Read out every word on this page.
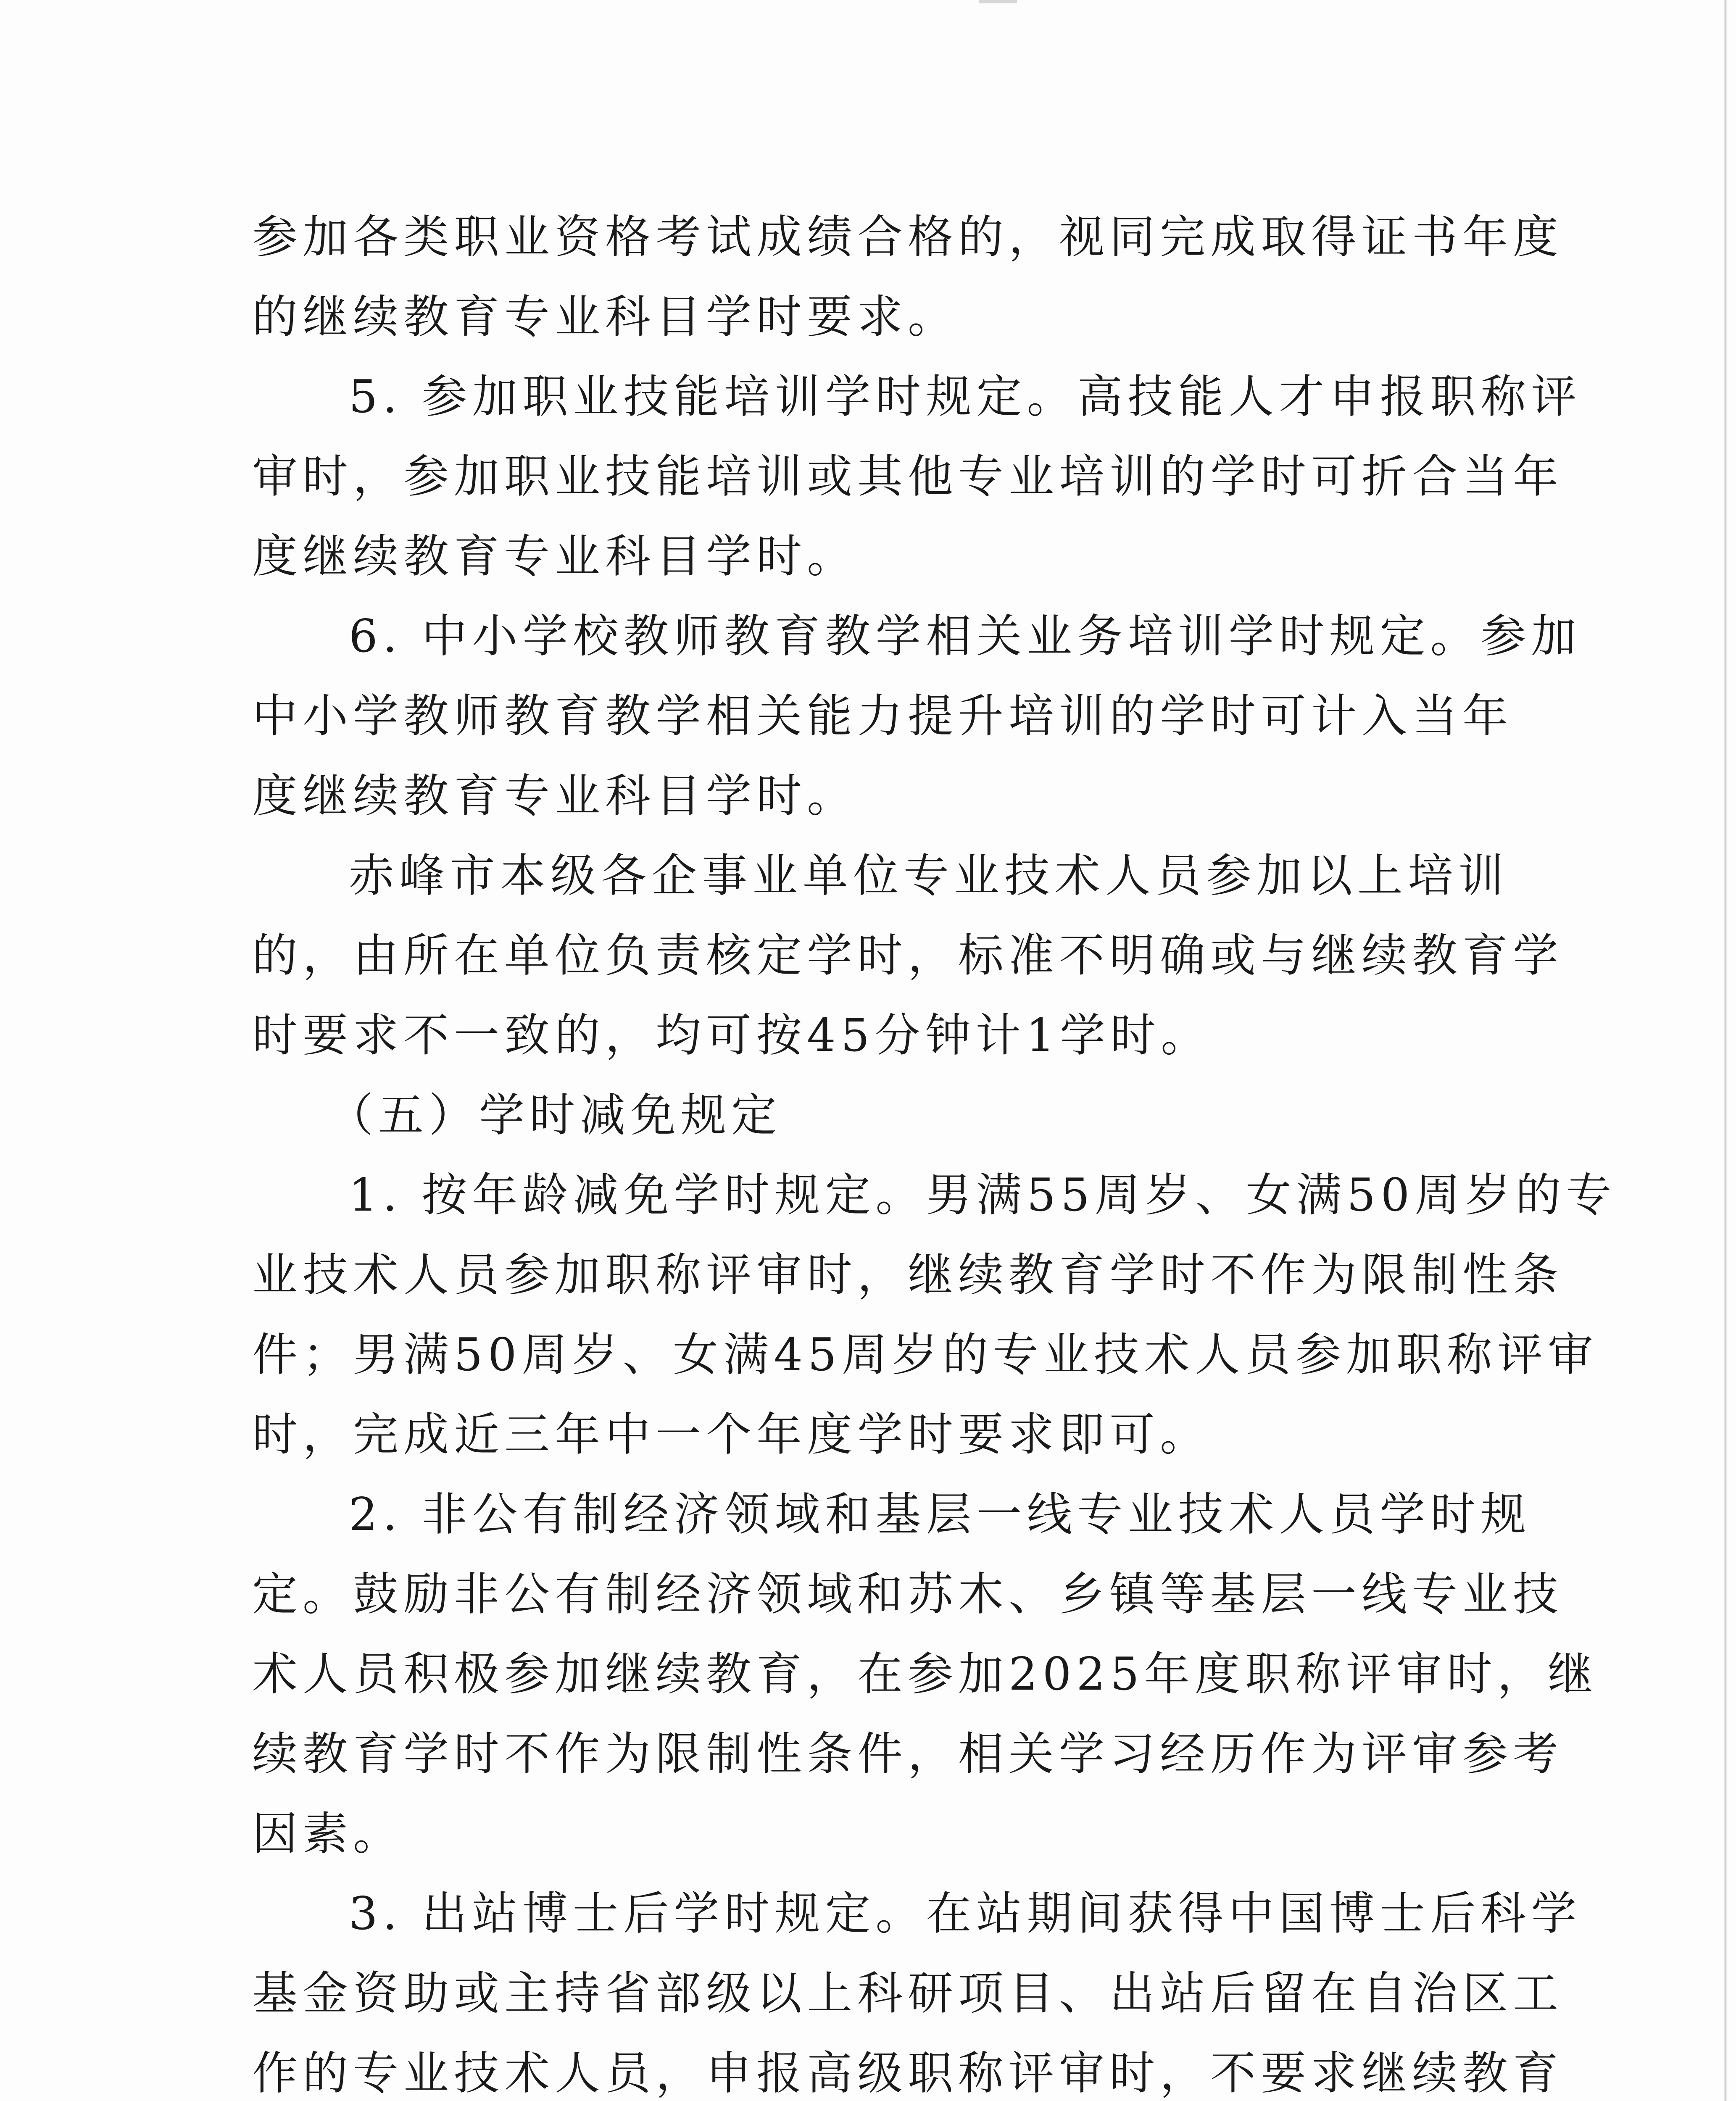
参加各类职业资格考试成绩合格的，视同完成取得证书年度
的继续教育专业科目学时要求。
5. 参加职业技能培训学时规定。高技能人才申报职称评
审时，参加职业技能培训或其他专业培训的学时可折合当年
度继续教育专业科目学时。
6. 中小学校教师教育教学相关业务培训学时规定。参加
中小学教师教育教学相关能力提升培训的学时可计入当年
度继续教育专业科目学时。
赤峰市本级各企事业单位专业技术人员参加以上培训
的，由所在单位负责核定学时，标准不明确或与继续教育学
时要求不一致的，均可按45分钟计1学时。
（五）学时减免规定
1. 按年龄减免学时规定。男满55周岁、女满50周岁的专
业技术人员参加职称评审时，继续教育学时不作为限制性条
件；男满50周岁、女满45周岁的专业技术人员参加职称评审
时，完成近三年中一个年度学时要求即可。
2. 非公有制经济领域和基层一线专业技术人员学时规
定。鼓励非公有制经济领域和苏木、乡镇等基层一线专业技
术人员积极参加继续教育，在参加2025年度职称评审时，继
续教育学时不作为限制性条件，相关学习经历作为评审参考
因素。
3. 出站博士后学时规定。在站期间获得中国博士后科学
基金资助或主持省部级以上科研项目、出站后留在自治区工
作的专业技术人员，申报高级职称评审时，不要求继续教育
